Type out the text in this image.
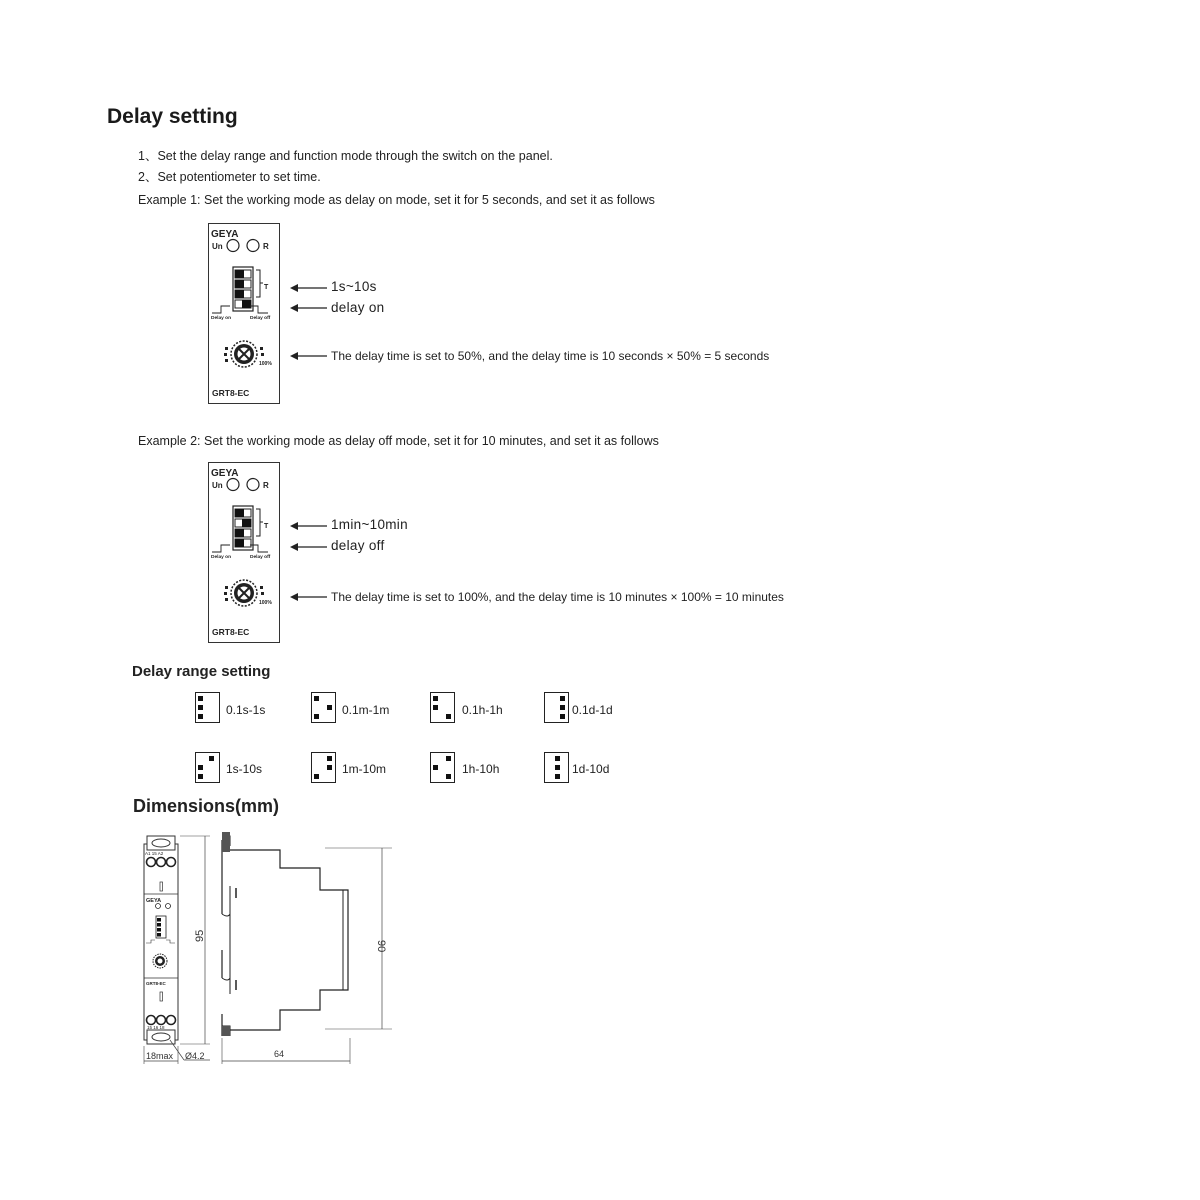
Delay setting
1、Set the delay range and function mode through the switch on the panel.
2、Set potentiometer to set time.
Example 1: Set the working mode as delay on mode, set it for 5 seconds, and set it as follows
GEYA
Un	R
T
Delay on	Delay off
100%
GRT8-EC
1s~10s
delay on
The delay time is set to 50%, and the delay time is 10 seconds × 50% = 5 seconds
Example 2: Set the working mode as delay off mode, set it for 10 minutes, and set it as follows
GEYA
Un	R
T
Delay on	Delay off
100%
GRT8-EC
1min~10min
delay off
The delay time is set to 100%, and the delay time is 10 minutes × 100% = 10 minutes
Delay range setting
0.1s-1s	0.1m-1m	0.1h-1h	0.1d-1d
1s-10s	1m-10m	1h-10h	1d-10d
Dimensions(mm)
A1 15 A2
GEYA
GRT8-EC
15 16 18
95
18max Ø4.2
90
64
